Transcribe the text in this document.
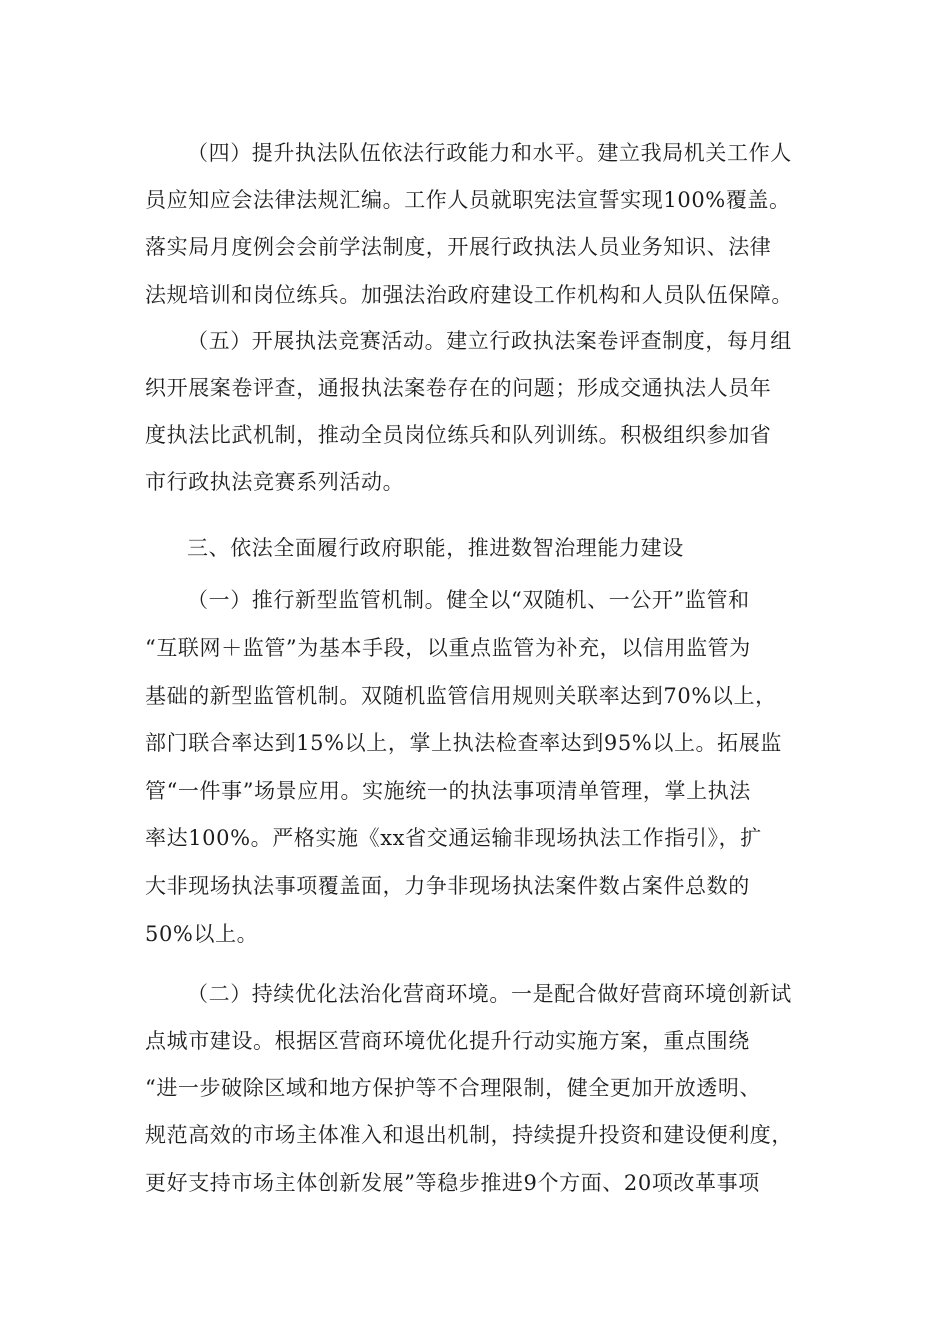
（四）提升执法队伍依法行政能力和水平。建立我局机关工作人
员应知应会法律法规汇编。工作人员就职宪法宣誓实现100%覆盖。
落实局月度例会会前学法制度，开展行政执法人员业务知识、法律
法规培训和岗位练兵。加强法治政府建设工作机构和人员队伍保障。
（五）开展执法竞赛活动。建立行政执法案卷评查制度，每月组
织开展案卷评查，通报执法案卷存在的问题；形成交通执法人员年
度执法比武机制，推动全员岗位练兵和队列训练。积极组织参加省
市行政执法竞赛系列活动。
三、依法全面履行政府职能，推进数智治理能力建设
（一）推行新型监管机制。健全以“双随机、一公开”监管和
“互联网＋监管”为基本手段，以重点监管为补充，以信用监管为
基础的新型监管机制。双随机监管信用规则关联率达到70%以上，
部门联合率达到15%以上，掌上执法检查率达到95%以上。拓展监
管“一件事”场景应用。实施统一的执法事项清单管理，掌上执法
率达100%。严格实施《xx省交通运输非现场执法工作指引》，扩
大非现场执法事项覆盖面，力争非现场执法案件数占案件总数的
50%以上。
（二）持续优化法治化营商环境。一是配合做好营商环境创新试
点城市建设。根据区营商环境优化提升行动实施方案，重点围绕
“进一步破除区域和地方保护等不合理限制，健全更加开放透明、
规范高效的市场主体准入和退出机制，持续提升投资和建设便利度，
更好支持市场主体创新发展”等稳步推进9个方面、20项改革事项
